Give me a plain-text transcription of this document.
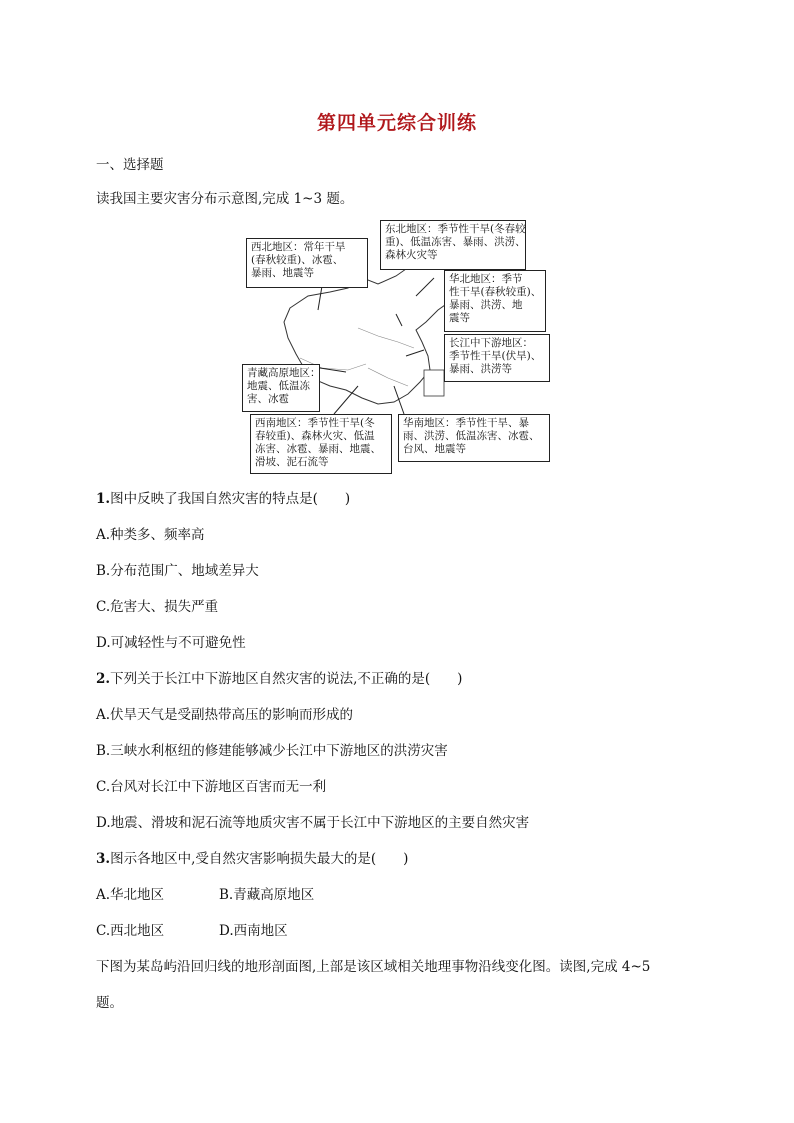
第四单元综合训练
一、选择题
读我国主要灾害分布示意图,完成 1~3 题。
西北地区：常年干旱
(春秋较重)、冰雹、
暴雨、地震等
东北地区：季节性干旱(冬春较
重)、低温冻害、暴雨、洪涝、
森林火灾等
华北地区：季节
性干旱(春秋较重)、
暴雨、洪涝、地
震等
长江中下游地区：
季节性干旱(伏旱)、
暴雨、洪涝等
青藏高原地区：
地震、低温冻
害、冰雹
西南地区：季节性干旱(冬
春较重)、森林火灾、低温
冻害、冰雹、暴雨、地震、
滑坡、泥石流等
华南地区：季节性干旱、暴
雨、洪涝、低温冻害、冰雹、
台风、地震等
1.图中反映了我国自然灾害的特点是(　　)
A.种类多、频率高
B.分布范围广、地域差异大
C.危害大、损失严重
D.可减轻性与不可避免性
2.下列关于长江中下游地区自然灾害的说法,不正确的是(　　)
A.伏旱天气是受副热带高压的影响而形成的
B.三峡水利枢纽的修建能够减少长江中下游地区的洪涝灾害
C.台风对长江中下游地区百害而无一利
D.地震、滑坡和泥石流等地质灾害不属于长江中下游地区的主要自然灾害
3.图示各地区中,受自然灾害影响损失最大的是(　　)
A.华北地区	B.青藏高原地区
C.西北地区	D.西南地区
下图为某岛屿沿回归线的地形剖面图,上部是该区域相关地理事物沿线变化图。读图,完成 4~5
题。
